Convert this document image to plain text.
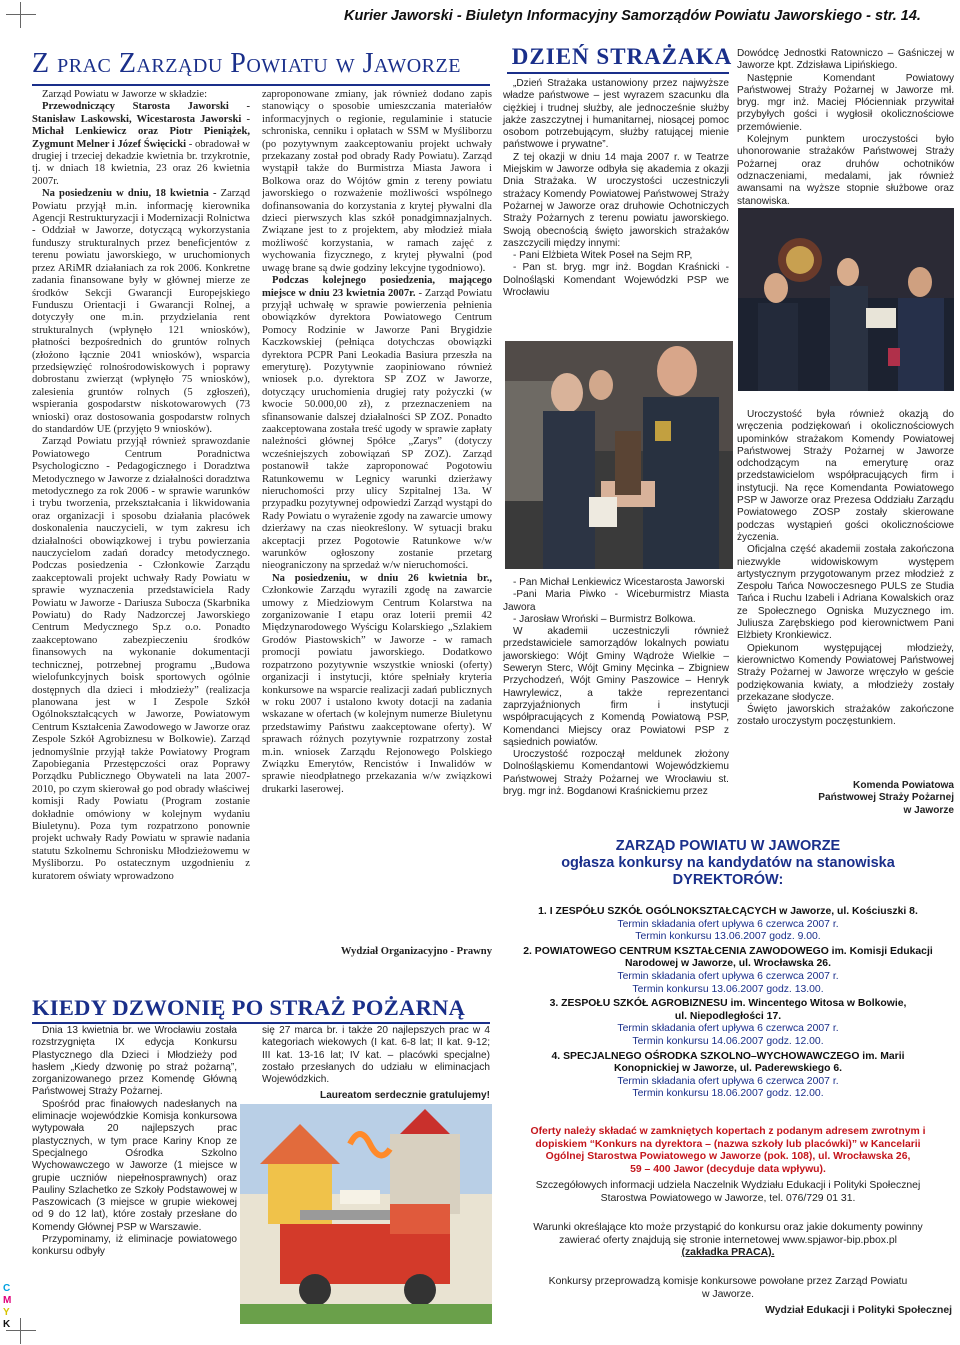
C
M
Y
K
Kurier Jaworski - Biuletyn Informacyjny Samorządów Powiatu Jaworskiego - str. 14.
Z prac Zarządu Powiatu w Jaworze

Zarząd Powiatu w Jaworze w składzie:

Przewodniczący Starosta Jaworski - Stanisław Laskowski, Wicestarosta Jaworski - Michał Lenkiewicz oraz Piotr Pieniążek, Zygmunt Melner i Józef Święcicki - obradował w drugiej i trzeciej dekadzie kwietnia br. trzykrotnie, tj. w dniach 18 kwietnia, 23 oraz 26 kwietnia 2007r.

Na posiedzeniu w dniu, 18 kwietnia - Zarząd Powiatu przyjął m.in. informację kierownika Agencji Restrukturyzacji i Modernizacji Rolnictwa - Oddział w Jaworze, dotyczącą wykorzystania funduszy strukturalnych przez beneficjentów z terenu powiatu jaworskiego, w uruchomionych przez ARiMR działaniach za rok 2006. Konkretne zadania finansowane były w głównej mierze ze środków Sekcji Gwarancji Europejskiego Funduszu Orientacji i Gwarancji Rolnej, a dotyczyły one m.in. przydzielania rent strukturalnych (wpłynęło 121 wniosków), płatności bezpośrednich do gruntów rolnych (złożono łącznie 2041 wniosków), wsparcia przedsięwzięć rolnośrodowiskowych i poprawy dobrostanu zwierząt (wpłynęło 75 wniosków), zalesienia gruntów rolnych (5 zgłoszeń), wspierania gospodarstw niskotowarowych (73 wnioski) oraz dostosowania gospodarstw rolnych do standardów UE (przyjęto 9 wniosków).

Zarząd Powiatu przyjął również sprawozdanie Powiatowego Centrum Poradnictwa Psychologiczno - Pedagogicznego i Doradztwa Metodycznego w Jaworze z działalności doradztwa metodycznego za rok 2006 - w sprawie warunków i trybu tworzenia, przekształcania i likwidowania oraz organizacji i sposobu działania placówek doskonalenia nauczycieli, w tym zakresu ich działalności obowiązkowej i trybu powierzania nauczycielom zadań doradcy metodycznego. Podczas posiedzenia - Członkowie Zarządu zaakceptowali projekt uchwały Rady Powiatu w sprawie wyznaczenia przedstawiciela Rady Powiatu w Jaworze - Dariusza Subocza (Skarbnika Powiatu) do Rady Nadzorczej Jaworskiego Centrum Medycznego Sp.z o.o. Ponadto zaakceptowano zabezpieczeniu środków finansowych na wykonanie dokumentacji technicznej, potrzebnej programu „Budowa wielofunkcyjnych boisk sportowych ogólnie dostępnych dla dzieci i młodzieży” (realizacja planowana jest w I Zespole Szkół Ogólnokształcących w Jaworze, Powiatowym Centrum Kształcenia Zawodowego w Jaworze oraz Zespole Szkół Agrobiznesu w Bolkowie). Zarząd jednomyślnie przyjął także Powiatowy Program Zapobiegania Przestępczości oraz Poprawy Porządku Publicznego Obywateli na lata 2007-2010, po czym skierował go pod obrady właściwej komisji Rady Powiatu (Program zostanie dokładnie omówiony w kolejnym wydaniu Biuletynu). Poza tym rozpatrzono ponownie projekt uchwały Rady Powiatu w sprawie nadania statutu Szkolnemu Schronisku Młodzieżowemu w Myśliborzu. Po ostatecznym uzgodnieniu z kuratorem oświaty wprowadzono

zaproponowane zmiany, jak również dodano zapis stanowiący o sposobie umieszczania materiałów informacyjnych o regionie, regulaminie i statucie schroniska, cenniku i opłatach w SSM w Myśliborzu (po pozytywnym zaakceptowaniu projekt uchwały przekazany został pod obrady Rady Powiatu). Zarząd wystąpił także do Burmistrza Miasta Jawora i Bolkowa oraz do Wójtów gmin z tereny powiatu jaworskiego o rozważenie możliwości wspólnego dofinansowania do korzystania z krytej pływalni dla dzieci pierwszych klas szkół ponadgimnazjalnych. Związane jest to z projektem, aby młodzież miała możliwość korzystania, w ramach zajęć z wychowania fizycznego, z krytej pływalni (pod uwagę brane są dwie godziny lekcyjne tygodniowo).

Podczas kolejnego posiedzenia, mającego miejsce w dniu 23 kwietnia 2007r. - Zarząd Powiatu przyjął uchwałę w sprawie powierzenia pełnienia obowiązków dyrektora Powiatowego Centrum Pomocy Rodzinie w Jaworze Pani Brygidzie Kaczkowskiej (pełniąca dotychczas obowiązki dyrektora PCPR Pani Leokadia Basiura przeszła na emeryturę). Pozytywnie zaopiniowano również wniosek p.o. dyrektora SP ZOZ w Jaworze, dotyczący uruchomienia drugiej raty pożyczki (w kwocie 50.000,00 zł), z przeznaczeniem na sfinansowanie dalszej działalności SP ZOZ. Ponadto zaakceptowana została treść ugody w sprawie zapłaty należności głównej Spółce „Zarys” (dotyczy wcześniejszych zobowiązań SP ZOZ). Zarząd postanowił także zaproponować Pogotowiu Ratunkowemu w Legnicy warunki dzierżawy nieruchomości przy ulicy Szpitalnej 13a. W przypadku pozytywnej odpowiedzi Zarząd wystąpi do Rady Powiatu o wyrażenie zgody na zawarcie umowy dzierżawy na czas nieokreślony. W sytuacji braku akceptacji przez Pogotowie Ratunkowe w/w warunków ogłoszony zostanie przetarg nieograniczony na sprzedaż w/w nieruchomości.

Na posiedzeniu, w dniu 26 kwietnia br., Członkowie Zarządu wyrazili zgodę na zawarcie umowy z Miedziowym Centrum Kolarstwa na zorganizowanie I etapu oraz loterii premii 42 Międzynarodowego Wyścigu Kolarskiego „Szlakiem Grodów Piastowskich” w Jaworze - w ramach promocji powiatu jaworskiego. Dodatkowo rozpatrzono pozytywnie wszystkie wnioski (oferty) organizacji i instytucji, które spełniały kryteria konkursowe na wsparcie realizacji zadań publicznych w roku 2007 i ustalono kwoty dotacji na zadania wskazane w ofertach (w kolejnym numerze Biuletynu przedstawimy Państwu zaakceptowane oferty). W sprawach różnych pozytywnie rozpatrzony został m.in. wniosek Zarządu Rejonowego Polskiego Związku Emerytów, Rencistów i Inwalidów w sprawie nieodpłatnego przekazania w/w związkowi drukarki laserowej.

Wydział Organizacyjno - Prawny
DZIEŃ STRAŻAKA

„Dzień Strażaka ustanowiony przez najwyższe władze państwowe – jest wyrazem szacunku dla ciężkiej i trudnej służby, ale jednocześnie służby jakże zaszczytnej i humanitarnej, niosącej pomoc osobom potrzebującym, służby ratującej mienie państwowe i prywatne”.

Z tej okazji w dniu 14 maja 2007 r. w Teatrze Miejskim w Jaworze odbyła się akademia z okazji Dnia Strażaka. W uroczystości uczestniczyli strażacy Komendy Powiatowej Państwowej Straży Pożarnej w Jaworze oraz druhowie Ochotniczych Straży Pożarnych z terenu powiatu jaworskiego. Swoją obecnością święto jaworskich strażaków zaszczycili między innymi:

- Pani Elżbieta Witek Poseł na Sejm RP,

- Pan st. bryg. mgr inż. Bogdan Kraśnicki - Dolnośląski Komendant Wojewódzki PSP we Wrocławiu

Dowódcę Jednostki Ratowniczo – Gaśniczej w Jaworze kpt. Zdzisława Lipińskiego.

Następnie Komendant Powiatowy Państwowej Straży Pożarnej w Jaworze mł. bryg. mgr inż. Maciej Płócienniak przywitał przybyłych gości i wygłosił okolicznościowe przemówienie.

Kolejnym punktem uroczystości było uhonorowanie strażaków Państwowej Straży Pożarnej oraz druhów ochotników odznaczeniami, medalami, jak również awansami na wyższe stopnie służbowe oraz stanowiska.

- Pan Michał Lenkiewicz Wicestarosta Jaworski

-Pani Maria Piwko - Wiceburmistrz Miasta Jawora

- Jarosław Wroński – Burmistrz Bolkowa.

W akademii uczestniczyli również przedstawiciele samorządów lokalnych powiatu jaworskiego: Wójt Gminy Wądroże Wielkie – Seweryn Sterc, Wójt Gminy Męcinka – Zbigniew Przychodzeń, Wójt Gminy Paszowice – Henryk Hawrylewicz, a także reprezentanci zaprzyjaźnionych firm i instytucji współpracujących z Komendą Powiatową PSP, Komendanci Miejscy oraz Powiatowi PSP z sąsiednich powiatów.

Uroczystość rozpoczął meldunek złożony Dolnośląskiemu Komendantowi Wojewódzkiemu Państwowej Straży Pożarnej we Wrocławiu st. bryg. mgr inż. Bogdanowi Kraśnickiemu przez

Uroczystość była również okazją do wręczenia podziękowań i okolicznościowych upominków strażakom Komendy Powiatowej Państwowej Straży Pożarnej w Jaworze odchodzącym na emeryturę oraz przedstawicielom współpracujących firm i instytucji. Na ręce Komendanta Powiatowego PSP w Jaworze oraz Prezesa Oddziału Zarządu Powiatowego ZOSP zostały skierowane podczas wystąpień gości okolicznościowe życzenia.

Oficjalna część akademii została zakończona niezwykle widowiskowym występem artystycznym przygotowanym przez młodzież z Zespołu Tańca Nowoczesnego PULS ze Studia Tańca i Ruchu Izabeli i Adriana Kowalskich oraz ze Społecznego Ogniska Muzycznego im. Juliusza Zarębskiego pod kierownictwem Pani Elżbiety Kronkiewicz.

Opiekunom występującej młodzieży, kierownictwo Komendy Powiatowej Państwowej Straży Pożarnej w Jaworze wręczyło w geście podziękowania kwiaty, a młodzieży zostały przekazane słodycze.

Święto jaworskich strażaków zakończone zostało uroczystym poczęstunkiem.

Komenda Powiatowa
Państwowej Straży Pożarnej
w Jaworze
ZARZĄD POWIATU W JAWORZE
ogłasza konkursy na kandydatów na stanowiska
DYREKTORÓW:
1. I ZESPÓŁU SZKÓŁ OGÓLNOKSZTAŁCĄCYCH w Jaworze, ul. Kościuszki 8.
Termin składania ofert upływa 6 czerwca 2007 r.
Termin konkursu 13.06.2007 godz. 9.00.
2. POWIATOWEGO CENTRUM KSZTAŁCENIA ZAWODOWEGO im. Komisji Edukacji
Narodowej w Jaworze, ul. Wrocławska 26.
Termin składania ofert upływa 6 czerwca 2007 r.
Termin konkursu 13.06.2007 godz. 13.00.
3. ZESPOŁU SZKÓŁ AGROBIZNESU im. Wincentego Witosa w Bolkowie,
ul. Niepodległości 17.
Termin składania ofert upływa 6 czerwca 2007 r.
Termin konkursu 14.06.2007 godz. 12.00.
4. SPECJALNEGO OŚRODKA SZKOLNO–WYCHOWAWCZEGO im. Marii
Konopnickiej w Jaworze, ul. Paderewskiego 6.
Termin składania ofert upływa 6 czerwca 2007 r.
Termin konkursu 18.06.2007 godz. 12.00.
Oferty należy składać w zamkniętych kopertach z podanym adresem zwrotnym i
dopiskiem “Konkurs na dyrektora – (nazwa szkoły lub placówki)” w Kancelarii
Ogólnej Starostwa Powiatowego w Jaworze (pok. 108), ul. Wrocławska 26,
59 – 400 Jawor (decyduje data wpływu).
Szczegółowych informacji udziela Naczelnik Wydziału Edukacji i Polityki Społecznej
Starostwa Powiatowego w Jaworze, tel. 076/729 01 31.
Warunki określające kto może przystąpić do konkursu oraz jakie dokumenty powinny
zawierać oferty znajdują się stronie internetowej www.spjawor-bip.pbox.pl
(zakładka PRACA).
Konkursy przeprowadzą komisje konkursowe powołane przez Zarząd Powiatu
w Jaworze.
Wydział Edukacji i Polityki Społecznej
KIEDY DZWONIĘ PO STRAŻ POŻARNĄ

Dnia 13 kwietnia br. we Wrocławiu została rozstrzygnięta IX edycja Konkursu Plastycznego dla Dzieci i Młodzieży pod hasłem „Kiedy dzwonię po straż pożarną”, zorganizowanego przez Komendę Główną Państwowej Straży Pożarnej.

Spośród prac finałowych nadesłanych na eliminacje wojewódzkie Komisja konkursowa wytypowała 20 najlepszych prac plastycznych, w tym prace Kariny Knop ze Specjalnego Ośrodka Szkolno Wychowawczego w Jaworze (1 miejsce w grupie uczniów niepełnosprawnych) oraz Pauliny Szlachetko ze Szkoły Podstawowej w Paszowicach (3 miejsce w grupie wiekowej od 9 do 12 lat), które zostały przesłane do Komendy Głównej PSP w Warszawie.

Przypominamy, iż eliminacje powiatowego konkursu odbyły

się 27 marca br. i także 20 najlepszych prac w 4 kategoriach wiekowych (I kat. 6-8 lat; II kat. 9-12; III kat. 13-16 lat; IV kat. – placówki specjalne) zostało przesłanych do udziału w eliminacjach Wojewódzkich.

Laureatom serdecznie gratulujemy!
